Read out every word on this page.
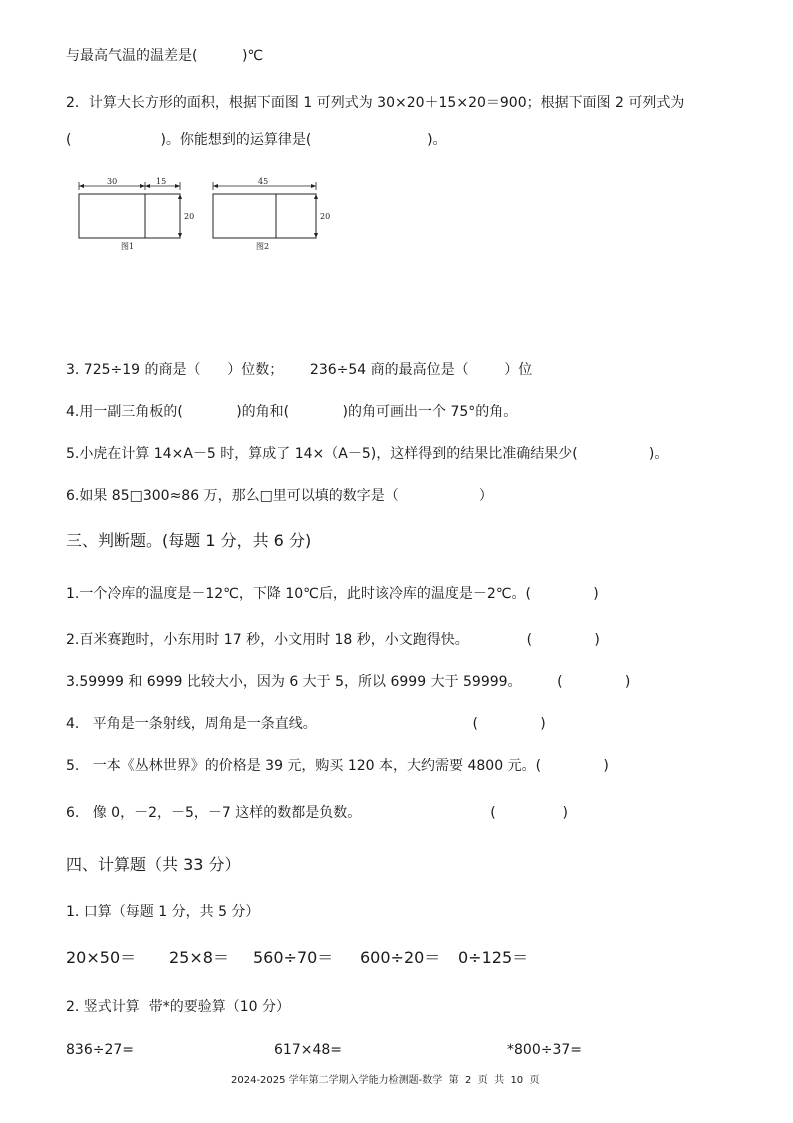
与最高气温的温差是(          )℃
2．计算大长方形的面积，根据下面图 1 可列式为 30×20＋15×20＝900；根据下面图 2 可列式为
(                    )。你能想到的运算律是(                          )。
30	15
20
图1
45
20
图2
3. 725÷19 的商是（      ）位数；      236÷54 商的最高位是（        ）位
4.用一副三角板的(            )的角和(            )的角可画出一个 75°的角。
5.小虎在计算 14×A－5 时，算成了 14×（A－5)，这样得到的结果比准确结果少(                )。
6.如果 85□300≈86 万，那么□里可以填的数字是（                  ）
三、判断题。(每题 1 分，共 6 分)
1.一个冷库的温度是－12℃，下降 10℃后，此时该冷库的温度是－2℃。(              )
2.百米赛跑时，小东用时 17 秒，小文用时 18 秒，小文跑得快。             (              )
3.59999 和 6999 比较大小，因为 6 大于 5，所以 6999 大于 59999。        (              )
4.   平角是一条射线，周角是一条直线。                                   (              )
5.   一本《丛林世界》的价格是 39 元，购买 120 本，大约需要 4800 元。(              )
6.   像 0，－2，－5，－7 这样的数都是负数。                             (               )
四、计算题（共 33 分）
1. 口算（每题 1 分，共 5 分）
20×50＝ 25×8＝ 560÷70＝ 600÷20＝ 0÷125＝
2. 竖式计算  带*的要验算（10 分）
836÷27=	617×48=	*800÷37=
2024-2025 学年第二学期入学能力检测题-数学  第  2  页  共  10  页
